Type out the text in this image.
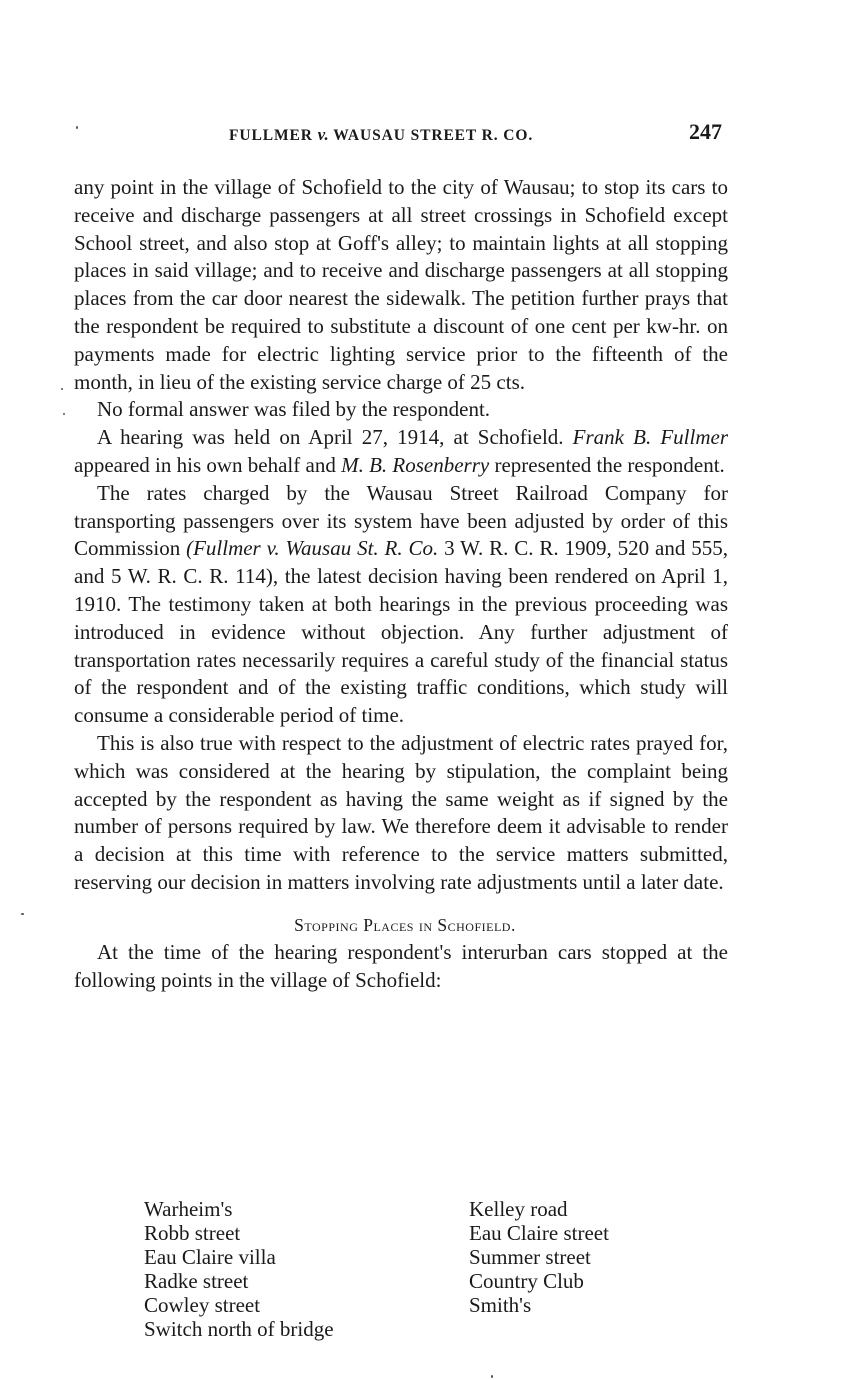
FULLMER v. WAUSAU STREET R. CO.	247

any point in the village of Schofield to the city of Wausau; to stop its cars to receive and discharge passengers at all street crossings in Schofield except School street, and also stop at Goff's alley; to maintain lights at all stopping places in said village; and to receive and discharge passengers at all stopping places from the car door nearest the sidewalk. The petition further prays that the respondent be required to substitute a discount of one cent per kw-hr. on payments made for electric lighting service prior to the fifteenth of the month, in lieu of the existing service charge of 25 cts.

No formal answer was filed by the respondent.

A hearing was held on April 27, 1914, at Schofield. Frank B. Fullmer appeared in his own behalf and M. B. Rosenberry represented the respondent.

The rates charged by the Wausau Street Railroad Company for transporting passengers over its system have been adjusted by order of this Commission (Fullmer v. Wausau St. R. Co. 3 W. R. C. R. 1909, 520 and 555, and 5 W. R. C. R. 114), the latest decision having been rendered on April 1, 1910. The testimony taken at both hearings in the previous proceeding was introduced in evidence without objection. Any further adjustment of transportation rates necessarily requires a careful study of the financial status of the respondent and of the existing traffic conditions, which study will consume a considerable period of time.

This is also true with respect to the adjustment of electric rates prayed for, which was considered at the hearing by stipulation, the complaint being accepted by the respondent as having the same weight as if signed by the number of persons required by law. We therefore deem it advisable to render a decision at this time with reference to the service matters submitted, reserving our decision in matters involving rate adjustments until a later date.

Stopping Places in Schofield.

At the time of the hearing respondent's interurban cars stopped at the following points in the village of Schofield:

Warheim's
Robb street
Eau Claire villa
Radke street
Cowley street
Switch north of bridge
Kelley road
Eau Claire street
Summer street
Country Club
Smith's
